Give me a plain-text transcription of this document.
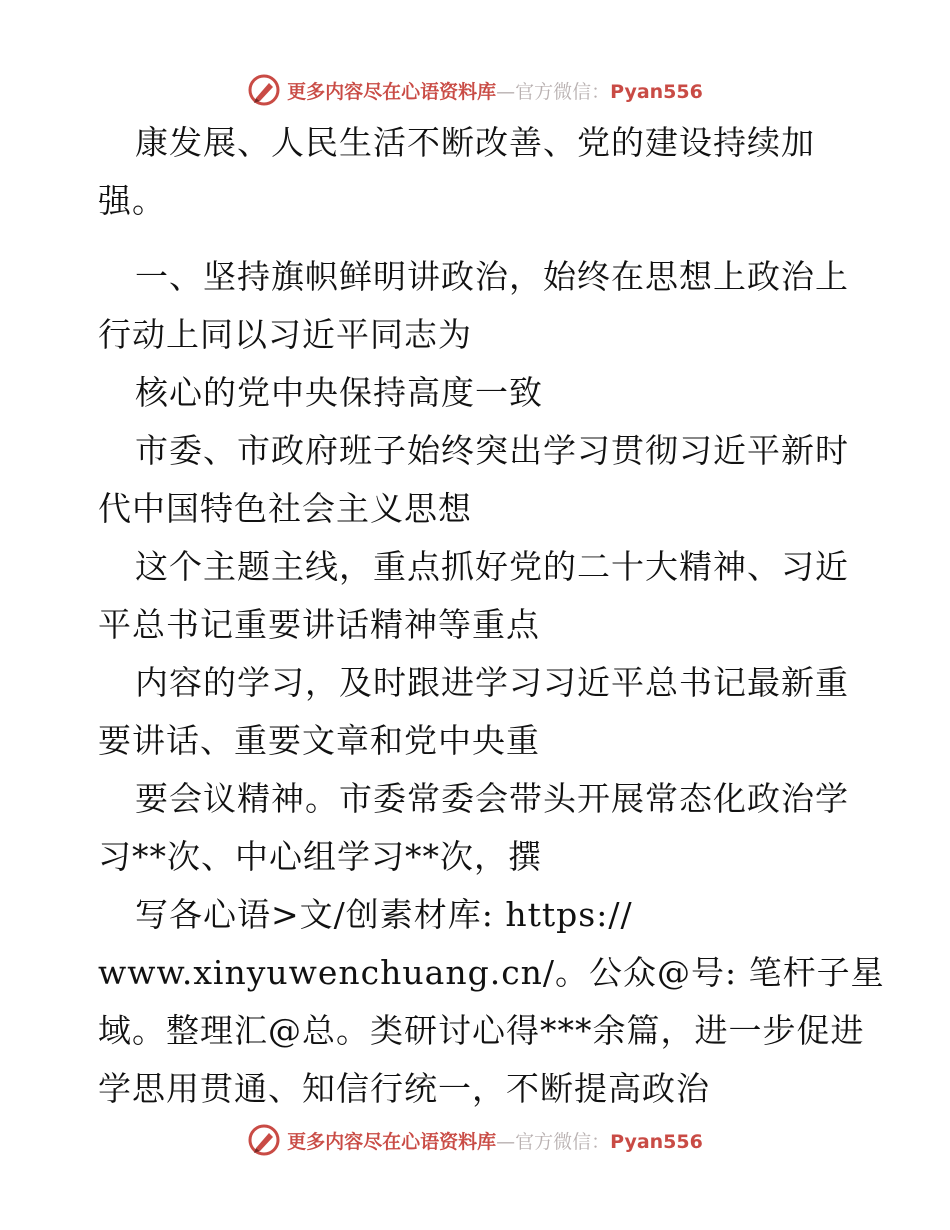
更多内容尽在心语资料库—官方微信：Pyan556
康发展、人民生活不断改善、党的建设持续加
强。
一、坚持旗帜鲜明讲政治，始终在思想上政治上
行动上同以习近平同志为
核心的党中央保持高度一致
市委、市政府班子始终突出学习贯彻习近平新时
代中国特色社会主义思想
这个主题主线，重点抓好党的二十大精神、习近
平总书记重要讲话精神等重点
内容的学习，及时跟进学习习近平总书记最新重
要讲话、重要文章和党中央重
要会议精神。市委常委会带头开展常态化政治学
习**次、中心组学习**次，撰
写各心语>文/创素材库: https://
www.xinyuwenchuang.cn/。公众@号: 笔杆子星
域。整理汇@总。类研讨心得***余篇，进一步促进
学思用贯通、知信行统一，不断提高政治
更多内容尽在心语资料库—官方微信：Pyan556
